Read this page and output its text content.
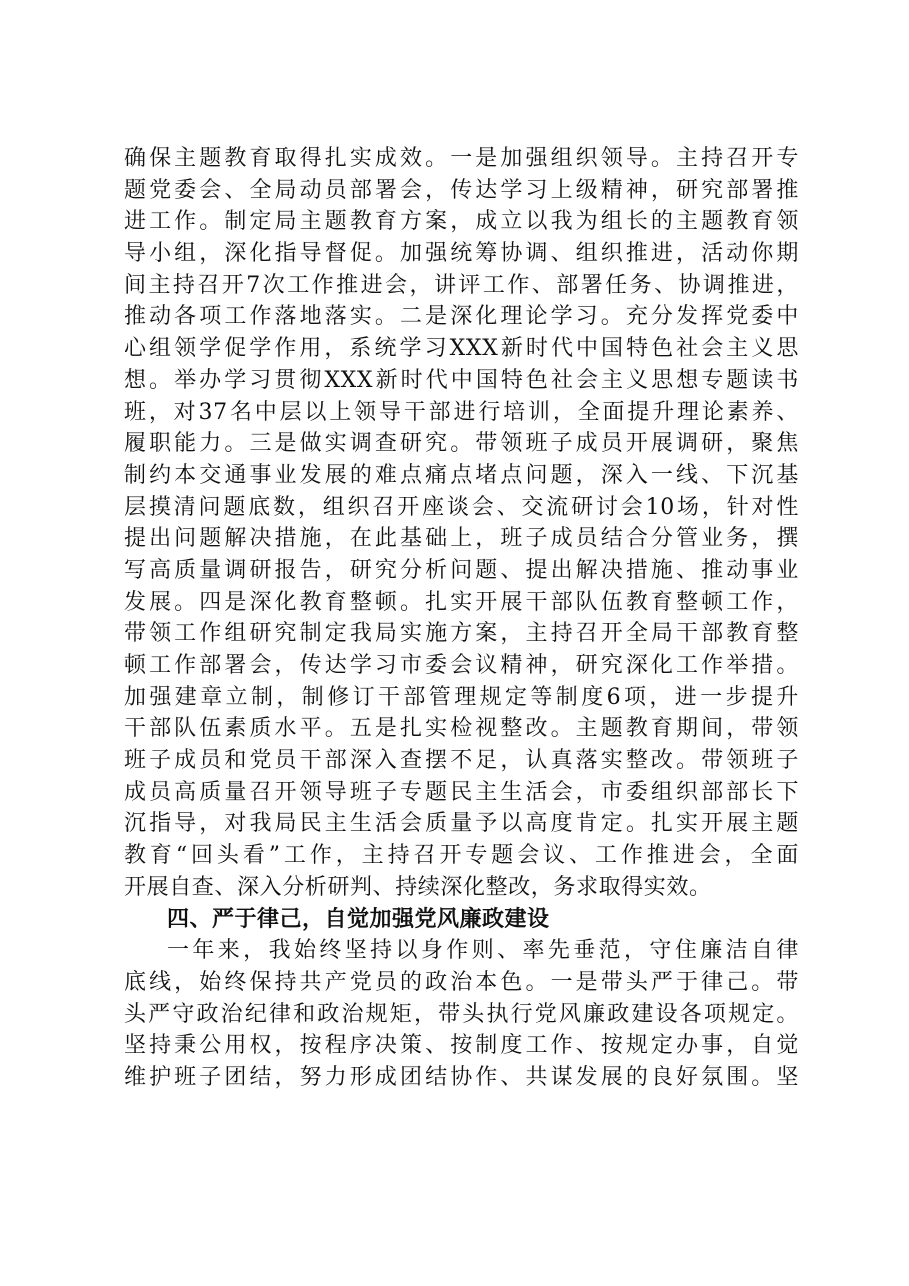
确保主题教育取得扎实成效。一是加强组织领导。主持召开专
题党委会、全局动员部署会，传达学习上级精神，研究部署推
进工作。制定局主题教育方案，成立以我为组长的主题教育领
导小组，深化指导督促。加强统筹协调、组织推进，活动你期
间主持召开7次工作推进会，讲评工作、部署任务、协调推进，
推动各项工作落地落实。二是深化理论学习。充分发挥党委中
心组领学促学作用，系统学习XXX新时代中国特色社会主义思
想。举办学习贯彻XXX新时代中国特色社会主义思想专题读书
班，对37名中层以上领导干部进行培训，全面提升理论素养、
履职能力。三是做实调查研究。带领班子成员开展调研，聚焦
制约本交通事业发展的难点痛点堵点问题，深入一线、下沉基
层摸清问题底数，组织召开座谈会、交流研讨会10场，针对性
提出问题解决措施，在此基础上，班子成员结合分管业务，撰
写高质量调研报告，研究分析问题、提出解决措施、推动事业
发展。四是深化教育整顿。扎实开展干部队伍教育整顿工作，
带领工作组研究制定我局实施方案，主持召开全局干部教育整
顿工作部署会，传达学习市委会议精神，研究深化工作举措。
加强建章立制，制修订干部管理规定等制度6项，进一步提升
干部队伍素质水平。五是扎实检视整改。主题教育期间，带领
班子成员和党员干部深入查摆不足，认真落实整改。带领班子
成员高质量召开领导班子专题民主生活会，市委组织部部长下
沉指导，对我局民主生活会质量予以高度肯定。扎实开展主题
教育“回头看”工作，主持召开专题会议、工作推进会，全面
开展自查、深入分析研判、持续深化整改，务求取得实效。
四、严于律己，自觉加强党风廉政建设
一年来，我始终坚持以身作则、率先垂范，守住廉洁自律
底线，始终保持共产党员的政治本色。一是带头严于律己。带
头严守政治纪律和政治规矩，带头执行党风廉政建设各项规定。
坚持秉公用权，按程序决策、按制度工作、按规定办事，自觉
维护班子团结，努力形成团结协作、共谋发展的良好氛围。坚
